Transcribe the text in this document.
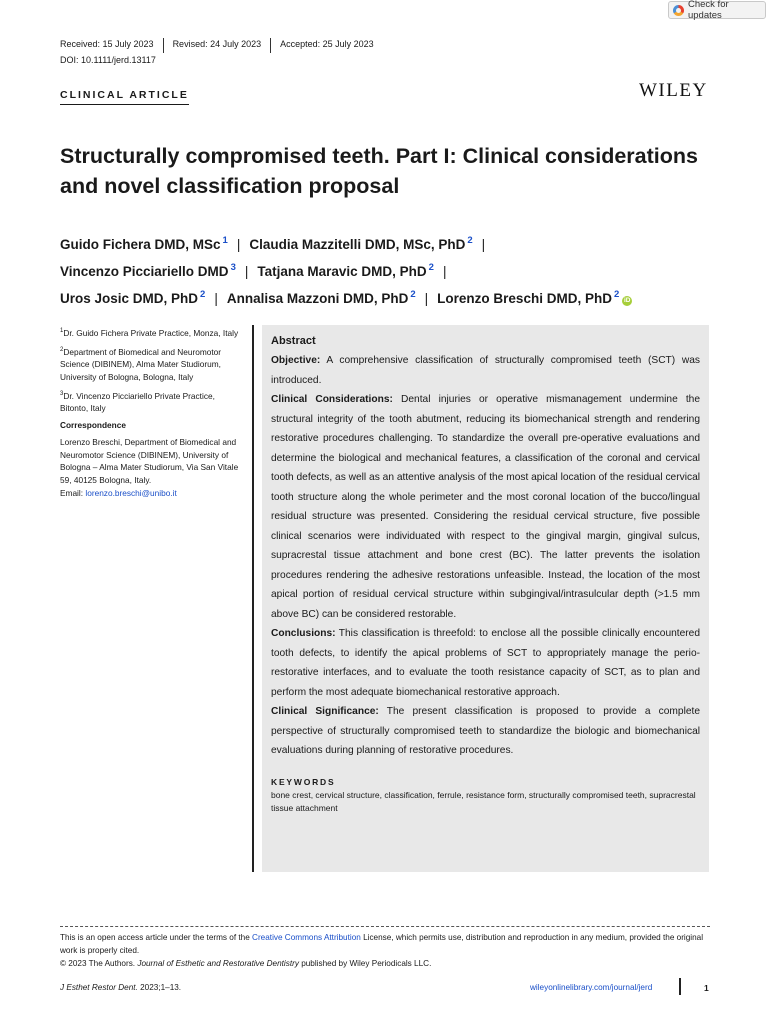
Check for updates
Received: 15 July 2023	Revised: 24 July 2023	Accepted: 25 July 2023
DOI: 10.1111/jerd.13117
CLINICAL ARTICLE	WILEY
Structurally compromised teeth. Part I: Clinical considerations and novel classification proposal
Guido Fichera DMD, MSc $^1$ | Claudia Mazzitelli DMD, MSc, PhD $^2$ |
Vincenzo Picciariello DMD $^3$ | Tatjana Maravic DMD, PhD $^2$ |
Uros Josic DMD, PhD $^2$ | Annalisa Mazzoni DMD, PhD $^2$ | Lorenzo Breschi DMD, PhD $^2$iD

$^1$Dr. Guido Fichera Private Practice, Monza, Italy

$^2$Department of Biomedical and Neuromotor Science (DIBINEM), Alma Mater Studiorum, University of Bologna, Bologna, Italy

$^3$Dr. Vincenzo Picciariello Private Practice, Bitonto, Italy

Correspondence

Lorenzo Breschi, Department of Biomedical and Neuromotor Science (DIBINEM), University of Bologna – Alma Mater Studiorum, Via San Vitale 59, 40125 Bologna, Italy.
Email: lorenzo.breschi@unibo.it

Abstract

Objective: A comprehensive classification of structurally compromised teeth (SCT) was introduced.

Clinical Considerations: Dental injuries or operative mismanagement undermine the structural integrity of the tooth abutment, reducing its biomechanical strength and rendering restorative procedures challenging. To standardize the overall pre-operative evaluations and determine the biological and mechanical features, a classification of the coronal and cervical tooth defects, as well as an attentive analysis of the most apical location of the residual cervical tooth structure along the whole perimeter and the most coronal location of the bucco/lingual residual structure was presented. Considering the residual cervical structure, five possible clinical scenarios were individuated with respect to the gingival margin, gingival sulcus, supracrestal tissue attachment and bone crest (BC). The latter prevents the isolation procedures rendering the adhesive restorations unfeasible. Instead, the location of the most apical portion of residual cervical structure within subgingival/intrasulcular depth (>1.5 mm above BC) can be considered restorable.

Conclusions: This classification is threefold: to enclose all the possible clinically encountered tooth defects, to identify the apical problems of SCT to appropriately manage the perio-restorative interfaces, and to evaluate the tooth resistance capacity of SCT, as to plan and perform the most adequate biomechanical restorative approach.

Clinical Significance: The present classification is proposed to provide a complete perspective of structurally compromised teeth to standardize the biologic and biomechanical evaluations during planning of restorative procedures.

KEYWORDS
bone crest, cervical structure, classification, ferrule, resistance form, structurally compromised teeth, supracrestal tissue attachment

This is an open access article under the terms of the Creative Commons Attribution License, which permits use, distribution and reproduction in any medium, provided the original work is properly cited.

© 2023 The Authors. Journal of Esthetic and Restorative Dentistry published by Wiley Periodicals LLC.

J Esthet Restor Dent. 2023;1–13.	wileyonlinelibrary.com/journal/jerd	1
